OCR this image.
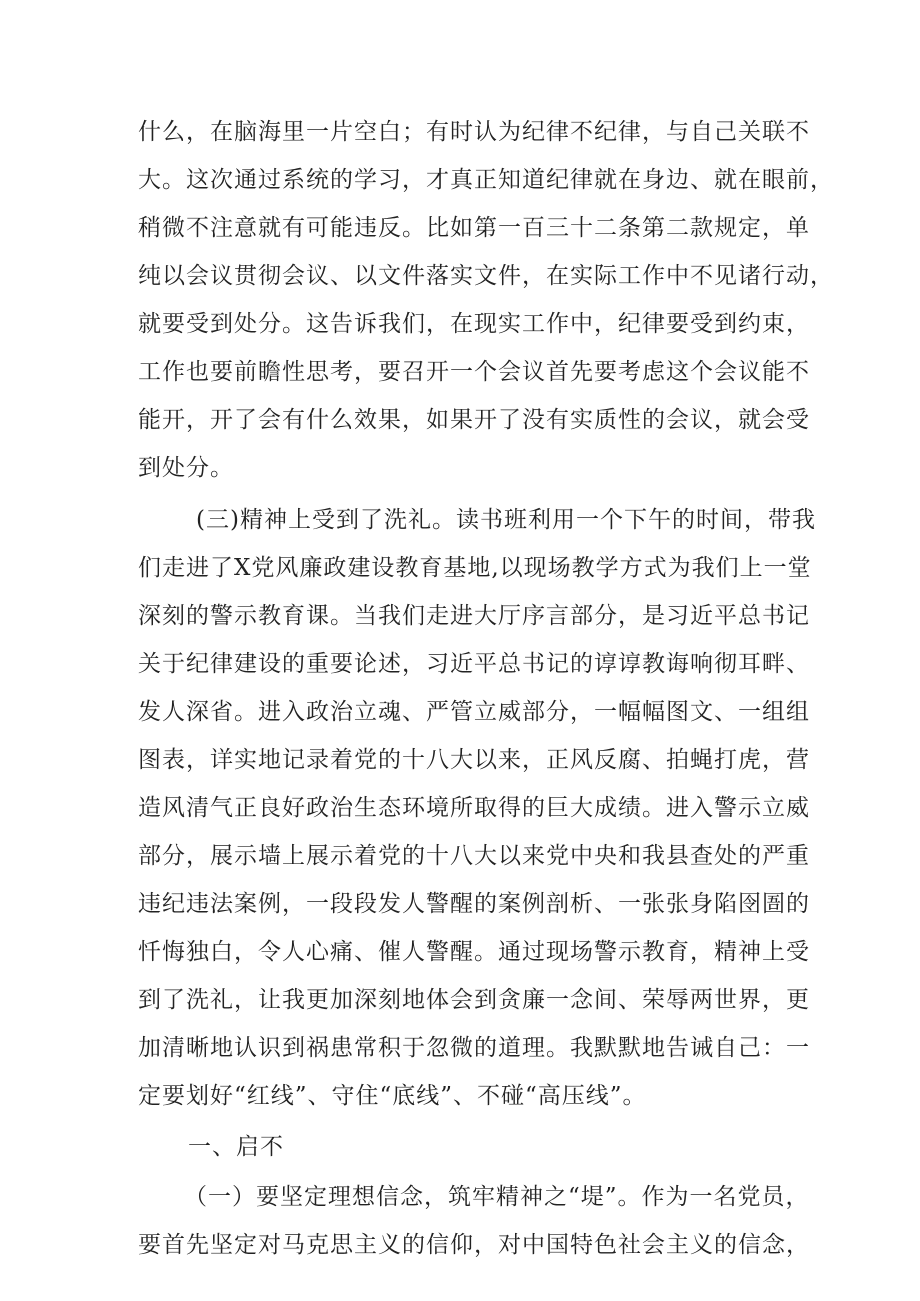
什么，在脑海里一片空白；有时认为纪律不纪律，与自己关联不
大。这次通过系统的学习，才真正知道纪律就在身边、就在眼前，
稍微不注意就有可能违反。比如第一百三十二条第二款规定，单
纯以会议贯彻会议、以文件落实文件，在实际工作中不见诸行动，
就要受到处分。这告诉我们，在现实工作中，纪律要受到约束，
工作也要前瞻性思考，要召开一个会议首先要考虑这个会议能不
能开，开了会有什么效果，如果开了没有实质性的会议，就会受
到处分。
(三)精神上受到了洗礼。读书班利用一个下午的时间，带我
们走进了X党风廉政建设教育基地,以现场教学方式为我们上一堂
深刻的警示教育课。当我们走进大厅序言部分，是习近平总书记
关于纪律建设的重要论述，习近平总书记的谆谆教诲响彻耳畔、
发人深省。进入政治立魂、严管立威部分，一幅幅图文、一组组
图表，详实地记录着党的十八大以来，正风反腐、拍蝇打虎，营
造风清气正良好政治生态环境所取得的巨大成绩。进入警示立威
部分，展示墙上展示着党的十八大以来党中央和我县查处的严重
违纪违法案例，一段段发人警醒的案例剖析、一张张身陷囹圄的
忏悔独白，令人心痛、催人警醒。通过现场警示教育，精神上受
到了洗礼，让我更加深刻地体会到贪廉一念间、荣辱两世界，更
加清晰地认识到祸患常积于忽微的道理。我默默地告诫自己：一
定要划好“红线”、守住“底线”、不碰“高压线”。
一、启不
（一）要坚定理想信念，筑牢精神之“堤”。作为一名党员，
要首先坚定对马克思主义的信仰，对中国特色社会主义的信念，
